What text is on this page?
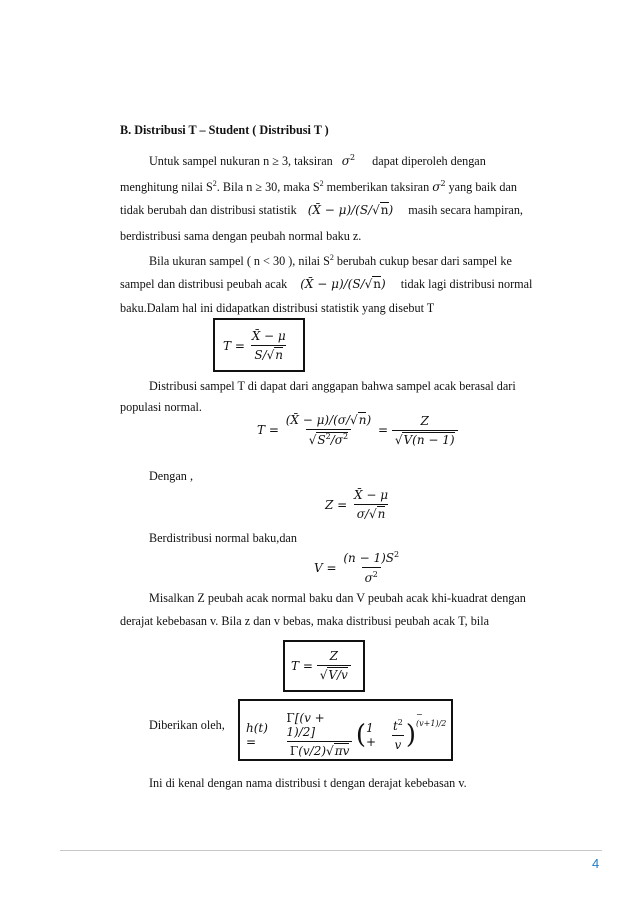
B. Distribusi T – Student ( Distribusi T )
Untuk sampel nukuran n ≥ 3, taksiran $\sigma^2$ dapat diperoleh dengan
menghitung nilai $S^2$. Bila n ≥ 30, maka $S^2$ memberikan taksiran $\sigma^2$ yang baik dan
tidak berubah dan distribusi statistik (X̄ − μ)/(S/√n) masih secara hampiran,
berdistribusi sama dengan peubah normal baku z.
Bila ukuran sampel ( n < 30 ), nilai $S^2$ berubah cukup besar dari sampel ke
sampel dan distribusi peubah acak (X̄ − μ)/(S/√n) tidak lagi distribusi normal
baku.Dalam hal ini didapatkan distribusi statistik yang disebut T
$T = \frac{X̄ - \mu}{S/√n}$
Distribusi sampel T di dapat dari anggapan bahwa sampel acak berasal dari
populasi normal.
$T = \frac{(X̄ - \mu)/(\sigma/√n)}{√S^2/\sigma^2} = \frac{Z}{√V(n - 1)}$
Dengan ,
$Z = \frac{X̄ - \mu}{\sigma/√n}$
Berdistribusi normal baku,dan
$V = \frac{(n - 1)S^2}{\sigma^2}$
Misalkan Z peubah acak normal baku dan V peubah acak khi-kuadrat dengan
derajat kebebasan v. Bila z dan v bebas, maka distribusi peubah acak T, bila
$T = \frac{Z}{√V/v}$
Diberikan oleh, h(t) =	$\frac{\Gamma[(v + 1)/2]}{\Gamma(v/2)√\pi v}$ ( $1 + \frac{t^2}{v}$ )
−(v+1)/2
Ini di kenal dengan nama distribusi t dengan derajat kebebasan v.
4
